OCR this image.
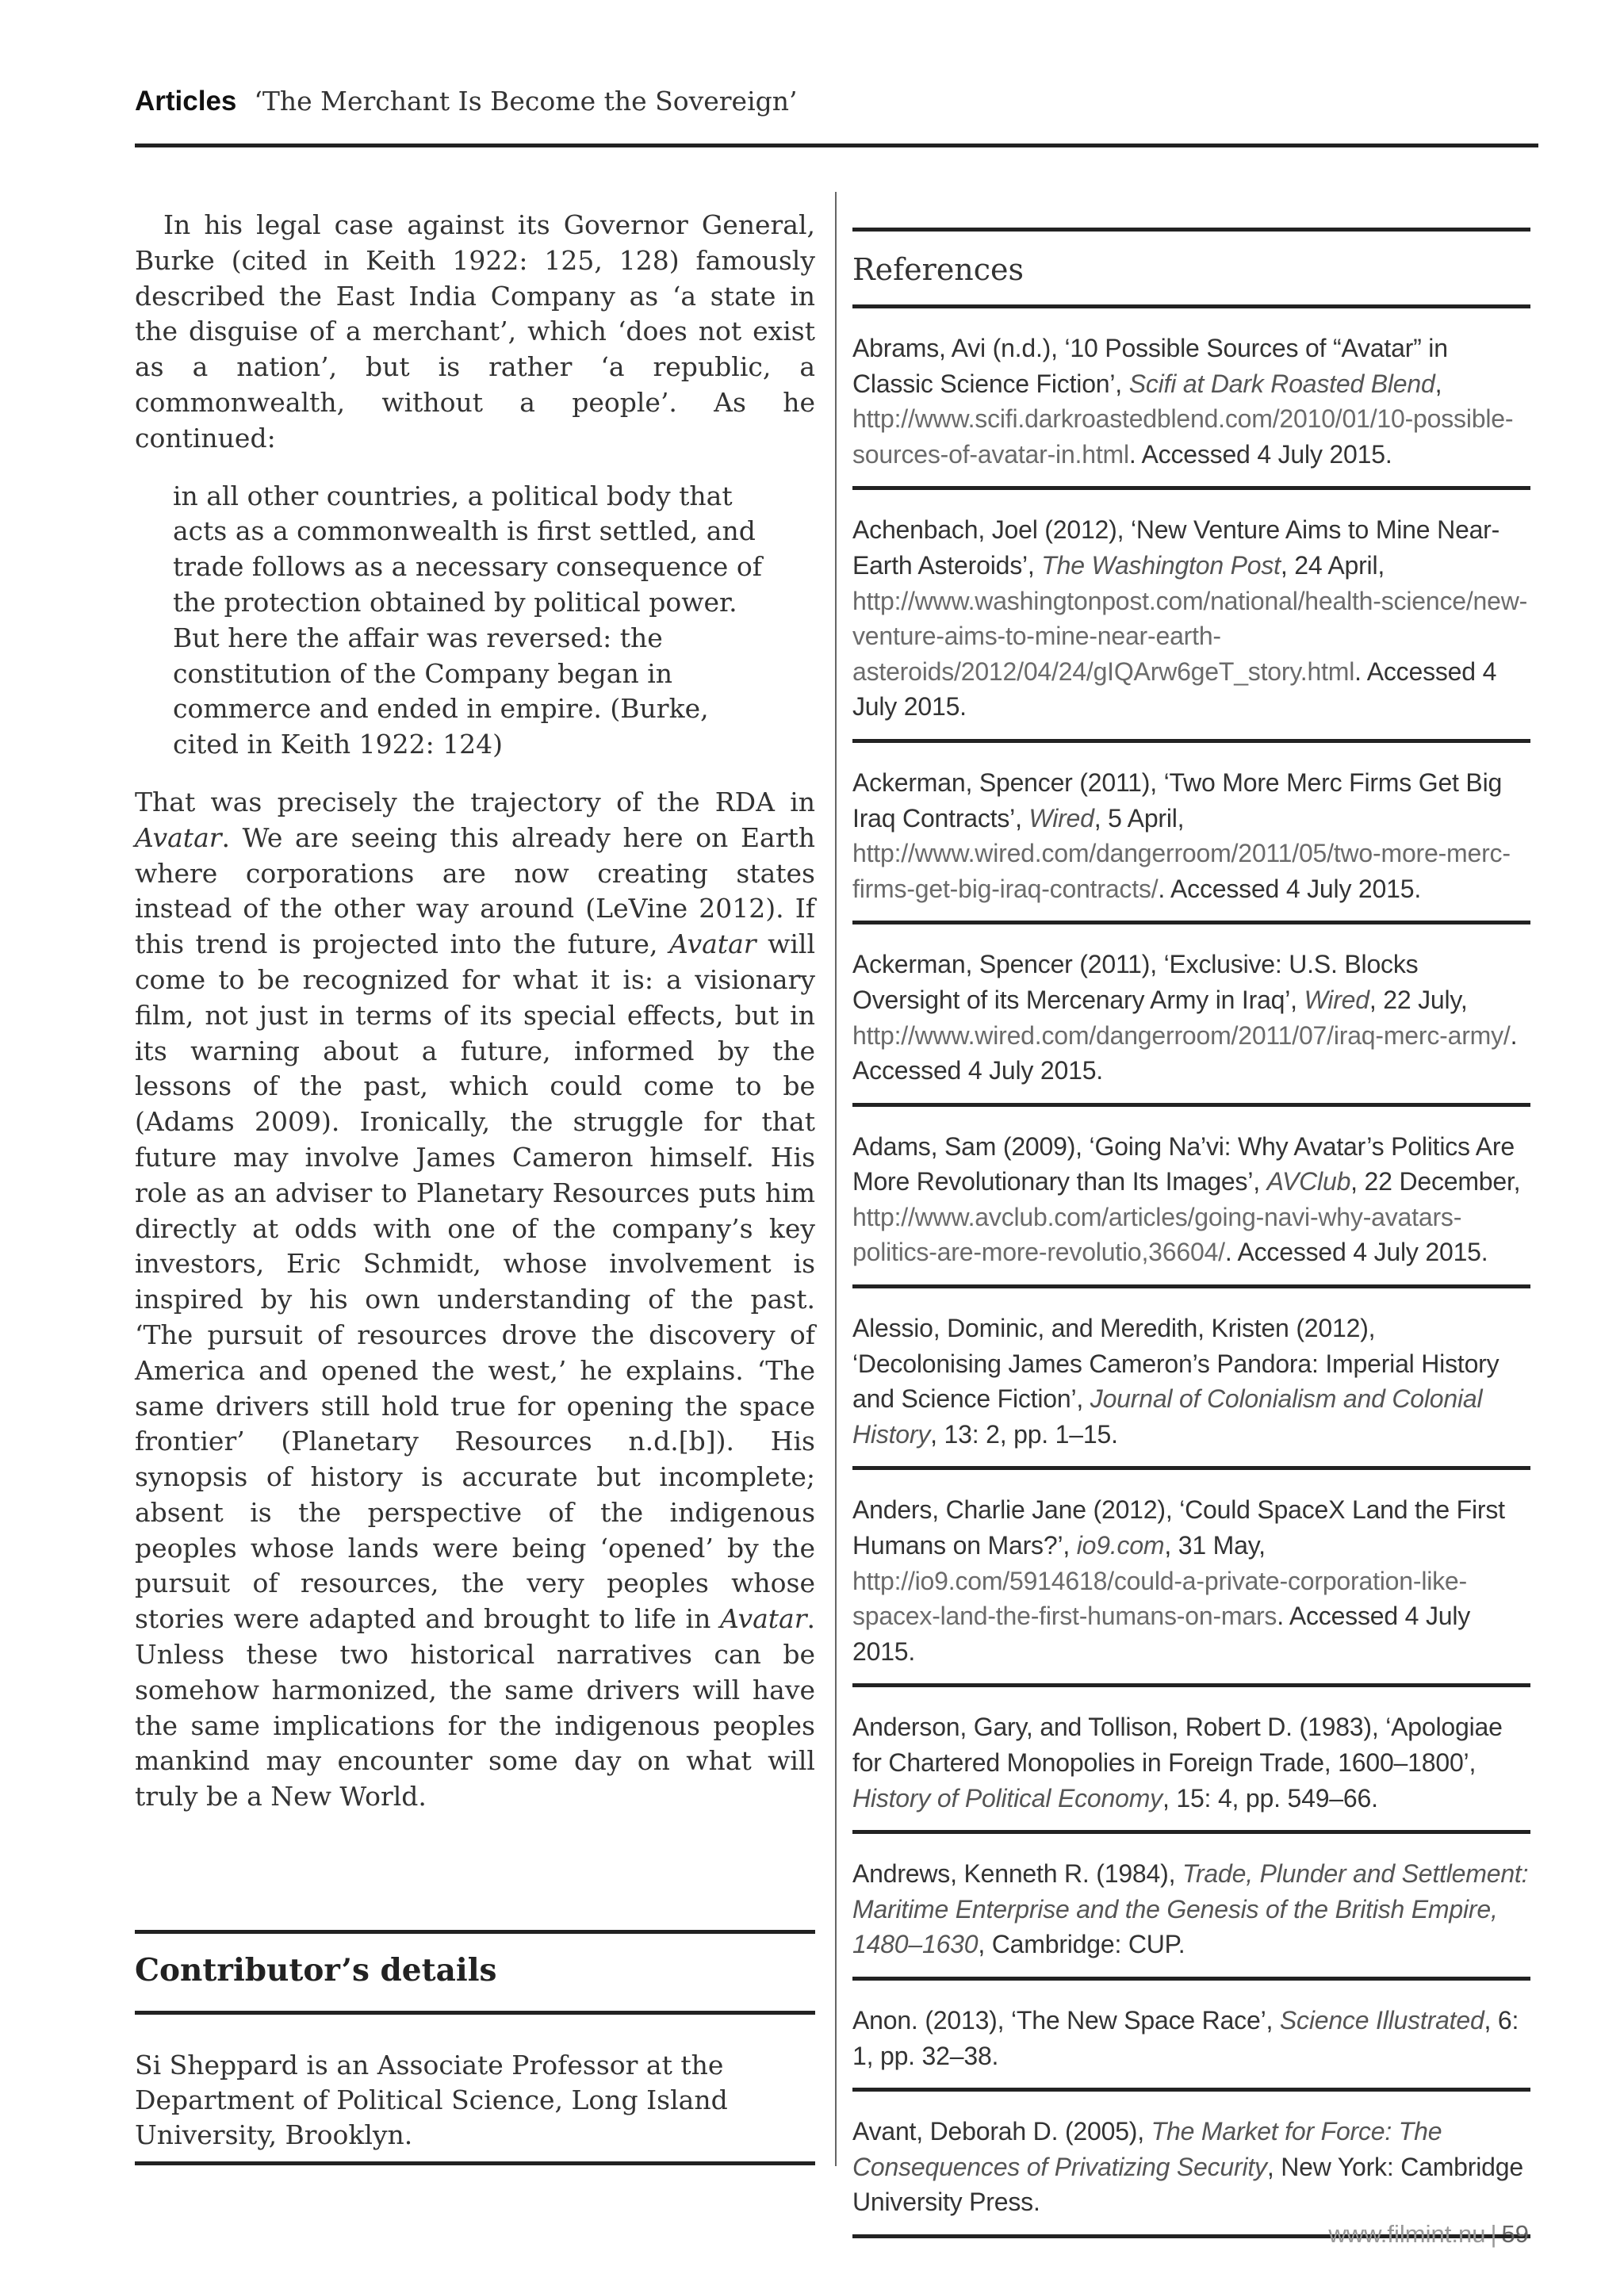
Articles ‘The Merchant Is Become the Sovereign’

In his legal case against its Governor General, Burke (cited in Keith 1922: 125, 128) famously described the East India Company as ‘a state in the disguise of a merchant’, which ‘does not exist as a nation’, but is rather ‘a republic, a commonwealth, without a people’. As he continued:

in all other countries, a political body that acts as a commonwealth is first settled, and trade follows as a necessary consequence of the protection obtained by political power. But here the affair was reversed: the constitution of the Company began in commerce and ended in empire. (Burke, cited in Keith 1922: 124)

That was precisely the trajectory of the RDA in Avatar. We are seeing this already here on Earth where corporations are now creating states instead of the other way around (LeVine 2012). If this trend is projected into the future, Avatar will come to be recognized for what it is: a visionary film, not just in terms of its special effects, but in its warning about a future, informed by the lessons of the past, which could come to be (Adams 2009). Ironically, the struggle for that future may involve James Cameron himself. His role as an adviser to Planetary Resources puts him directly at odds with one of the company’s key investors, Eric Schmidt, whose involvement is inspired by his own understanding of the past. ‘The pursuit of resources drove the discovery of America and opened the west,’ he explains. ‘The same drivers still hold true for opening the space frontier’ (Planetary Resources n.d.[b]). His synopsis of history is accurate but incomplete; absent is the perspective of the indigenous peoples whose lands were being ‘opened’ by the pursuit of resources, the very peoples whose stories were adapted and brought to life in Avatar. Unless these two historical narratives can be somehow harmonized, the same drivers will have the same implications for the indigenous peoples mankind may encounter some day on what will truly be a New World.

Contributor’s details
Si Sheppard is an Associate Professor at the Department of Political Science, Long Island University, Brooklyn.
References
Abrams, Avi (n.d.), ‘10 Possible Sources of “Avatar” in Classic Science Fiction’, Scifi at Dark Roasted Blend, http://www.scifi.darkroastedblend.com/2010/01/10-possible-sources-of-avatar-in.html. Accessed 4 July 2015.
Achenbach, Joel (2012), ‘New Venture Aims to Mine Near-Earth Asteroids’, The Washington Post, 24 April, http://www.washingtonpost.com/national/health-science/new-venture-aims-to-mine-near-earth-asteroids/2012/04/24/gIQArw6geT_story.html. Accessed 4 July 2015.
Ackerman, Spencer (2011), ‘Two More Merc Firms Get Big Iraq Contracts’, Wired, 5 April, http://www.wired.com/dangerroom/2011/05/two-more-merc-firms-get-big-iraq-contracts/. Accessed 4 July 2015.
Ackerman, Spencer (2011), ‘Exclusive: U.S. Blocks Oversight of its Mercenary Army in Iraq’, Wired, 22 July, http://www.wired.com/dangerroom/2011/07/iraq-merc-army/. Accessed 4 July 2015.
Adams, Sam (2009), ‘Going Na’vi: Why Avatar’s Politics Are More Revolutionary than Its Images’, AVClub, 22 December, http://www.avclub.com/articles/going-navi-why-avatars-politics-are-more-revolutio,36604/. Accessed 4 July 2015.
Alessio, Dominic, and Meredith, Kristen (2012), ‘Decolonising James Cameron’s Pandora: Imperial History and Science Fiction’, Journal of Colonialism and Colonial History, 13: 2, pp. 1–15.
Anders, Charlie Jane (2012), ‘Could SpaceX Land the First Humans on Mars?’, io9.com, 31 May, http://io9.com/5914618/could-a-private-corporation-like-spacex-land-the-first-humans-on-mars. Accessed 4 July 2015.
Anderson, Gary, and Tollison, Robert D. (1983), ‘Apologiae for Chartered Monopolies in Foreign Trade, 1600–1800’, History of Political Economy, 15: 4, pp. 549–66.
Andrews, Kenneth R. (1984), Trade, Plunder and Settlement: Maritime Enterprise and the Genesis of the British Empire, 1480–1630, Cambridge: CUP.
Anon. (2013), ‘The New Space Race’, Science Illustrated, 6: 1, pp. 32–38.
Avant, Deborah D. (2005), The Market for Force: The Consequences of Privatizing Security, New York: Cambridge University Press.
www.filmint.nu | 59
